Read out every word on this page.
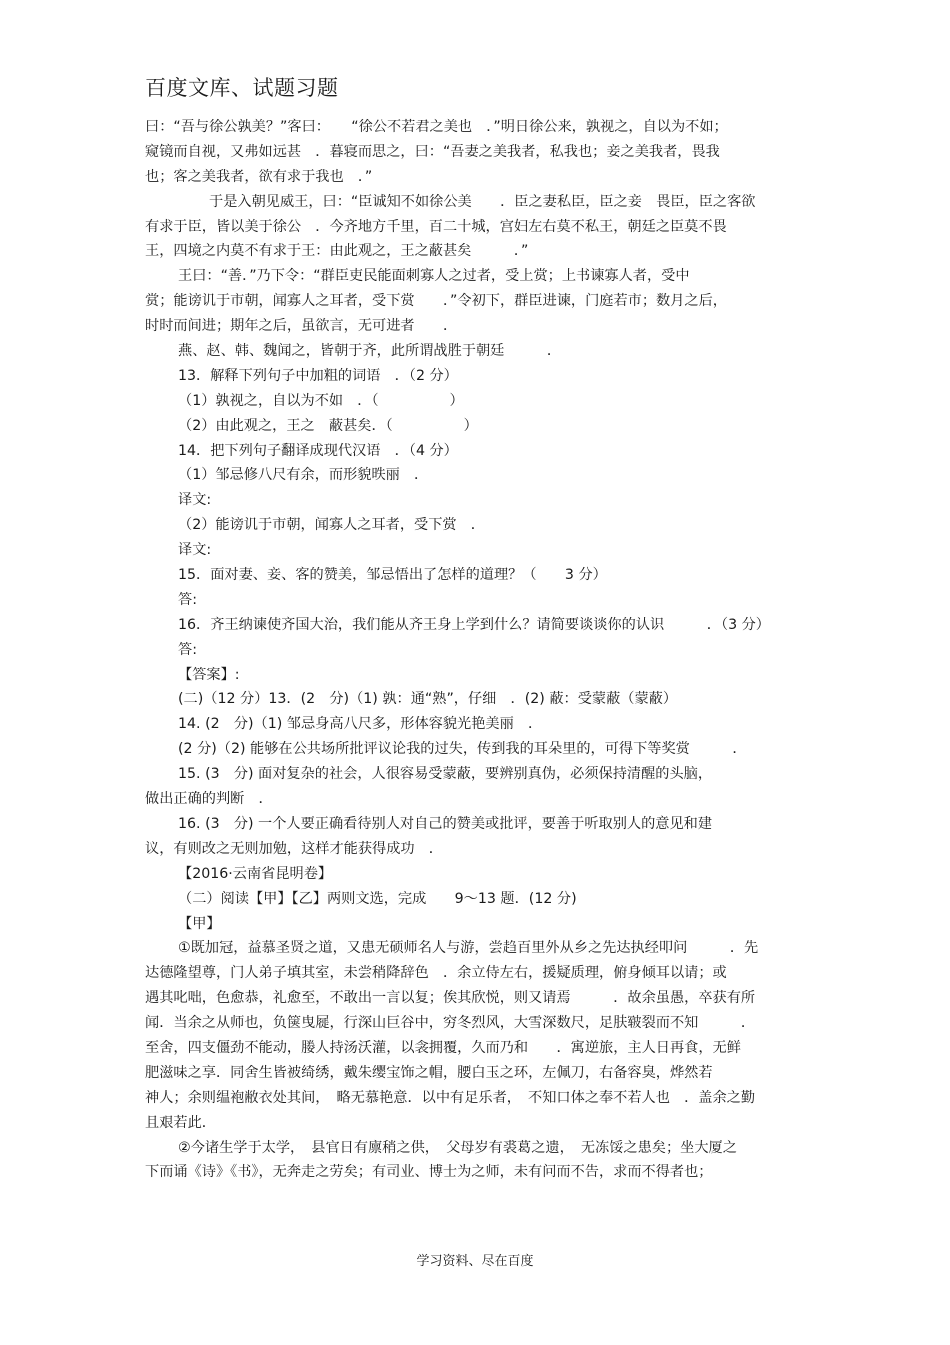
百度文库、试题习题
曰：“吾与徐公孰美？”客曰：　　“徐公不若君之美也　．”明日徐公来，孰视之，自以为不如；
窥镜而自视，又弗如远甚　．暮寝而思之，曰：“吾妻之美我者，私我也；妾之美我者，畏我
也；客之美我者，欲有求于我也　．”
于是入朝见威王，曰：“臣诚知不如徐公美　　．臣之妻私臣，臣之妾　畏臣，臣之客欲
有求于臣，皆以美于徐公　．今齐地方千里，百二十城，宫妇左右莫不私王，朝廷之臣莫不畏
王，四境之内莫不有求于王：由此观之，王之蔽甚矣　　　．”
王曰：“善．”乃下令：“群臣吏民能面刺寡人之过者，受上赏；上书谏寡人者，受中
赏；能谤讥于市朝，闻寡人之耳者，受下赏　　．”令初下，群臣进谏，门庭若市；数月之后，
时时而间进；期年之后，虽欲言，无可进者　　．
燕、赵、韩、魏闻之，皆朝于齐，此所谓战胜于朝廷　　　．
13．解释下列句子中加粗的词语　．（2 分）
（1）孰视之，自以为不如　．（　　　　　）
（2）由此观之，王之　蔽甚矣．（　　　　　）
14．把下列句子翻译成现代汉语　．（4 分）
（1）邹忌修八尺有余，而形貌昳丽　．
译文:
（2）能谤讥于市朝，闻寡人之耳者，受下赏　．
译文:
15．面对妻、妾、客的赞美，邹忌悟出了怎样的道理？（　　3 分）
答:
16．齐王纳谏使齐国大治，我们能从齐王身上学到什么？请简要谈谈你的认识　　　．（3 分）
答:
【答案】:
(二)（12 分）13．(2　分)（1) 孰：通“熟”，仔细　．(2) 蔽：受蒙蔽（蒙蔽）
14. (2　分)（1) 邹忌身高八尺多，形体容貌光艳美丽　．
(2 分)（2) 能够在公共场所批评议论我的过失，传到我的耳朵里的，可得下等奖赏　　　．
15. (3　分) 面对复杂的社会，人很容易受蒙蔽，要辨别真伪，必须保持清醒的头脑，
做出正确的判断　．
16. (3　分) 一个人要正确看待别人对自己的赞美或批评，要善于听取别人的意见和建
议，有则改之无则加勉，这样才能获得成功　．
【2016·云南省昆明卷】
（二）阅读【甲】【乙】两则文选，完成　　9～13 题．(12 分)
【甲】
①既加冠，益慕圣贤之道，又患无硕师名人与游，尝趋百里外从乡之先达执经叩问　　　．先
达德隆望尊，门人弟子填其室，未尝稍降辞色　．余立侍左右，援疑质理，俯身倾耳以请；或
遇其叱咄，色愈恭，礼愈至，不敢出一言以复；俟其欣悦，则又请焉　　　．故余虽愚，卒获有所
闻．当余之从师也，负箧曳屣，行深山巨谷中，穷冬烈风，大雪深数尺，足肤皲裂而不知　　　．
至舍，四支僵劲不能动，媵人持汤沃灌，以衾拥覆，久而乃和　　．寓逆旅，主人日再食，无鲜
肥滋味之享．同舍生皆被绮绣，戴朱缨宝饰之帽，腰白玉之环，左佩刀，右备容臭，烨然若
神人；余则缊袍敝衣处其间，　略无慕艳意．以中有足乐者，　不知口体之奉不若人也　．盖余之勤
且艰若此．
②今诸生学于太学，　县官日有廪稍之供，　父母岁有裘葛之遗，　无冻馁之患矣；坐大厦之
下而诵《诗》《书》，无奔走之劳矣；有司业、博士为之师，未有问而不告，求而不得者也；
学习资料、尽在百度
